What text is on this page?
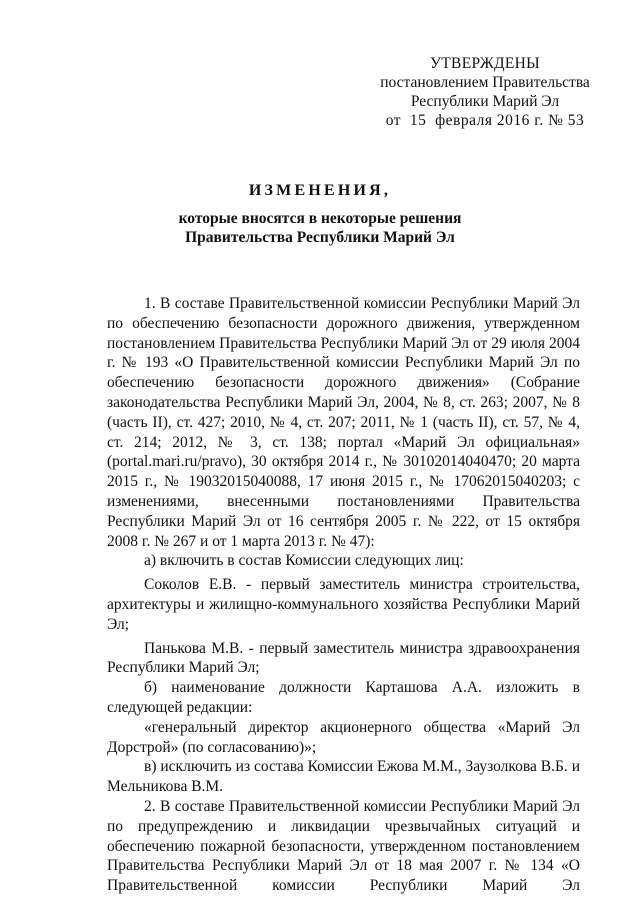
УТВЕРЖДЕНЫ
постановлением Правительства
Республики Марий Эл
от  15  февраля 2016 г. № 53
ИЗМЕНЕНИЯ,
которые вносятся в некоторые решения
Правительства Республики Марий Эл

1. В составе Правительственной комиссии Республики Марий Эл по обеспечению безопасности дорожного движения, утвержденном постановлением Правительства Республики Марий Эл от 29 июля 2004 г. № 193 «О Правительственной комиссии Республики Марий Эл по обеспечению безопасности дорожного движения» (Собрание законодательства Республики Марий Эл, 2004, № 8, ст. 263; 2007, № 8 (часть II), ст. 427; 2010, № 4, ст. 207; 2011, № 1 (часть II), ст. 57, № 4, ст. 214; 2012, № 3, ст. 138; портал «Марий Эл официальная» (portal.mari.ru/pravo), 30 октября 2014 г., № 30102014040470; 20 марта 2015 г., № 19032015040088, 17 июня 2015 г., № 17062015040203; с изменениями, внесенными постановлениями Правительства Республики Марий Эл от 16 сентября 2005 г. № 222, от 15 октября 2008 г. № 267 и от 1 марта 2013 г. № 47):

а) включить в состав Комиссии следующих лиц:

Соколов Е.В. - первый заместитель министра строительства, архитектуры и жилищно-коммунального хозяйства Республики Марий Эл;

Панькова М.В. - первый заместитель министра здравоохранения Республики Марий Эл;

б) наименование должности Карташова А.А. изложить в следующей редакции:

«генеральный директор акционерного общества «Марий Эл Дорстрой» (по согласованию)»;

в) исключить из состава Комиссии Ежова М.М., Заузолкова В.Б. и Мельникова В.М.

2. В составе Правительственной комиссии Республики Марий Эл по предупреждению и ликвидации чрезвычайных ситуаций и обеспечению пожарной безопасности, утвержденном постановлением Правительства Республики Марий Эл от 18 мая 2007 г. № 134 «О Правительственной комиссии Республики Марий Эл
